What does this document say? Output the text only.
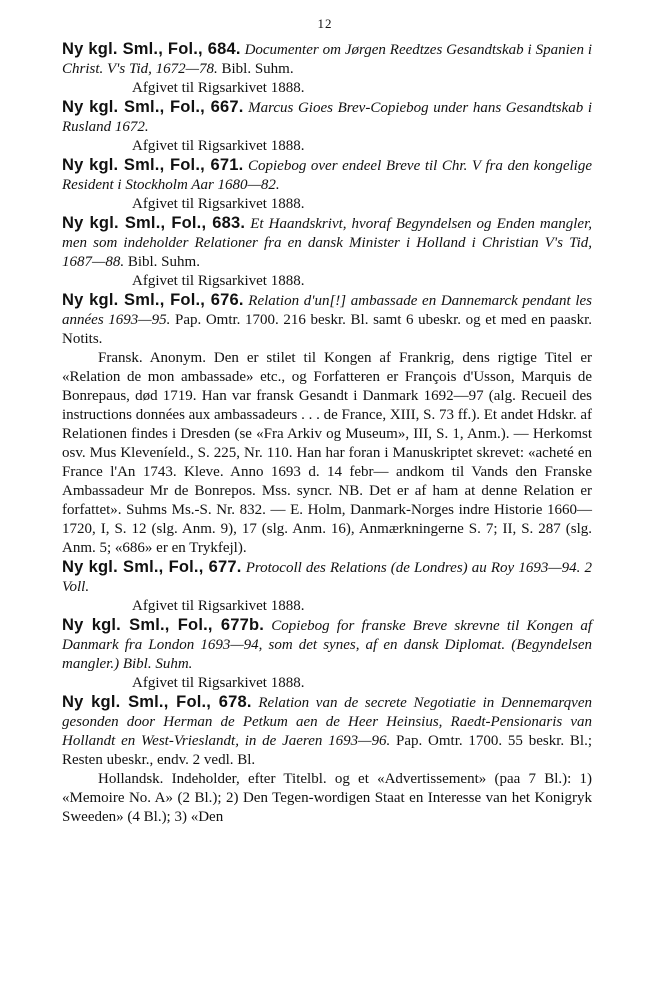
12

Ny kgl. Sml., Fol., 684. Documenter om Jørgen Reedtzes Gesandtskab i Spanien i Christ. V's Tid, 1672—78. Bibl. Suhm.

Afgivet til Rigsarkivet 1888.

Ny kgl. Sml., Fol., 667. Marcus Gioes Brev-Copiebog under hans Gesandtskab i Rusland 1672.

Afgivet til Rigsarkivet 1888.

Ny kgl. Sml., Fol., 671. Copiebog over endeel Breve til Chr. V fra den kongelige Resident i Stockholm Aar 1680—82.

Afgivet til Rigsarkivet 1888.

Ny kgl. Sml., Fol., 683. Et Haandskrivt, hvoraf Begyndelsen og Enden mangler, men som indeholder Relationer fra en dansk Minister i Holland i Christian V's Tid, 1687—88. Bibl. Suhm.

Afgivet til Rigsarkivet 1888.

Ny kgl. Sml., Fol., 676. Relation d'un[!] ambassade en Dannemarck pendant les années 1693—95. Pap. Omtr. 1700. 216 beskr. Bl. samt 6 ubeskr. og et med en paaskr. Notits.

Fransk. Anonym. Den er stilet til Kongen af Frankrig, dens rigtige Titel er «Relation de mon ambassade» etc., og Forfatteren er François d'Usson, Marquis de Bonrepaus, død 1719. Han var fransk Gesandt i Danmark 1692—97 (alg. Recueil des instructions données aux ambassadeurs . . . de France, XIII, S. 73 ff.). Et andet Hdskr. af Relationen findes i Dresden (se «Fra Arkiv og Museum», III, S. 1, Anm.). — Herkomst osv. Mus Kleveníeld., S. 225, Nr. 110. Han har foran i Manuskriptet skrevet: «acheté en France l'An 1743. Kleve. Anno 1693 d. 14 febr— andkom til Vands den Franske Ambassadeur Mr de Bonrepos. Mss. syncr. NB. Det er af ham at denne Relation er forfattet». Suhms Ms.-S. Nr. 832. — E. Holm, Danmark-Norges indre Historie 1660—1720, I, S. 12 (slg. Anm. 9), 17 (slg. Anm. 16), Anmærkningerne S. 7; II, S. 287 (slg. Anm. 5; «686» er en Trykfejl).

Ny kgl. Sml., Fol., 677. Protocoll des Relations (de Londres) au Roy 1693—94. 2 Voll.

Afgivet til Rigsarkivet 1888.

Ny kgl. Sml., Fol., 677b. Copiebog for franske Breve skrevne til Kongen af Danmark fra London 1693—94, som det synes, af en dansk Diplomat. (Begyndelsen mangler.) Bibl. Suhm.

Afgivet til Rigsarkivet 1888.

Ny kgl. Sml., Fol., 678. Relation van de secrete Negotiatie in Dennemarqven gesonden door Herman de Petkum aen de Heer Heinsius, Raedt-Pensionaris van Hollandt en West-Vrieslandt, in de Jaeren 1693—96. Pap. Omtr. 1700. 55 beskr. Bl.; Resten ubeskr., endv. 2 vedl. Bl.

Hollandsk. Indeholder, efter Titelbl. og et «Advertissement» (paa 7 Bl.): 1) «Memoire No. A» (2 Bl.); 2) Den Tegen-wordigen Staat en Interesse van het Konigryk Sweeden» (4 Bl.); 3) «Den
